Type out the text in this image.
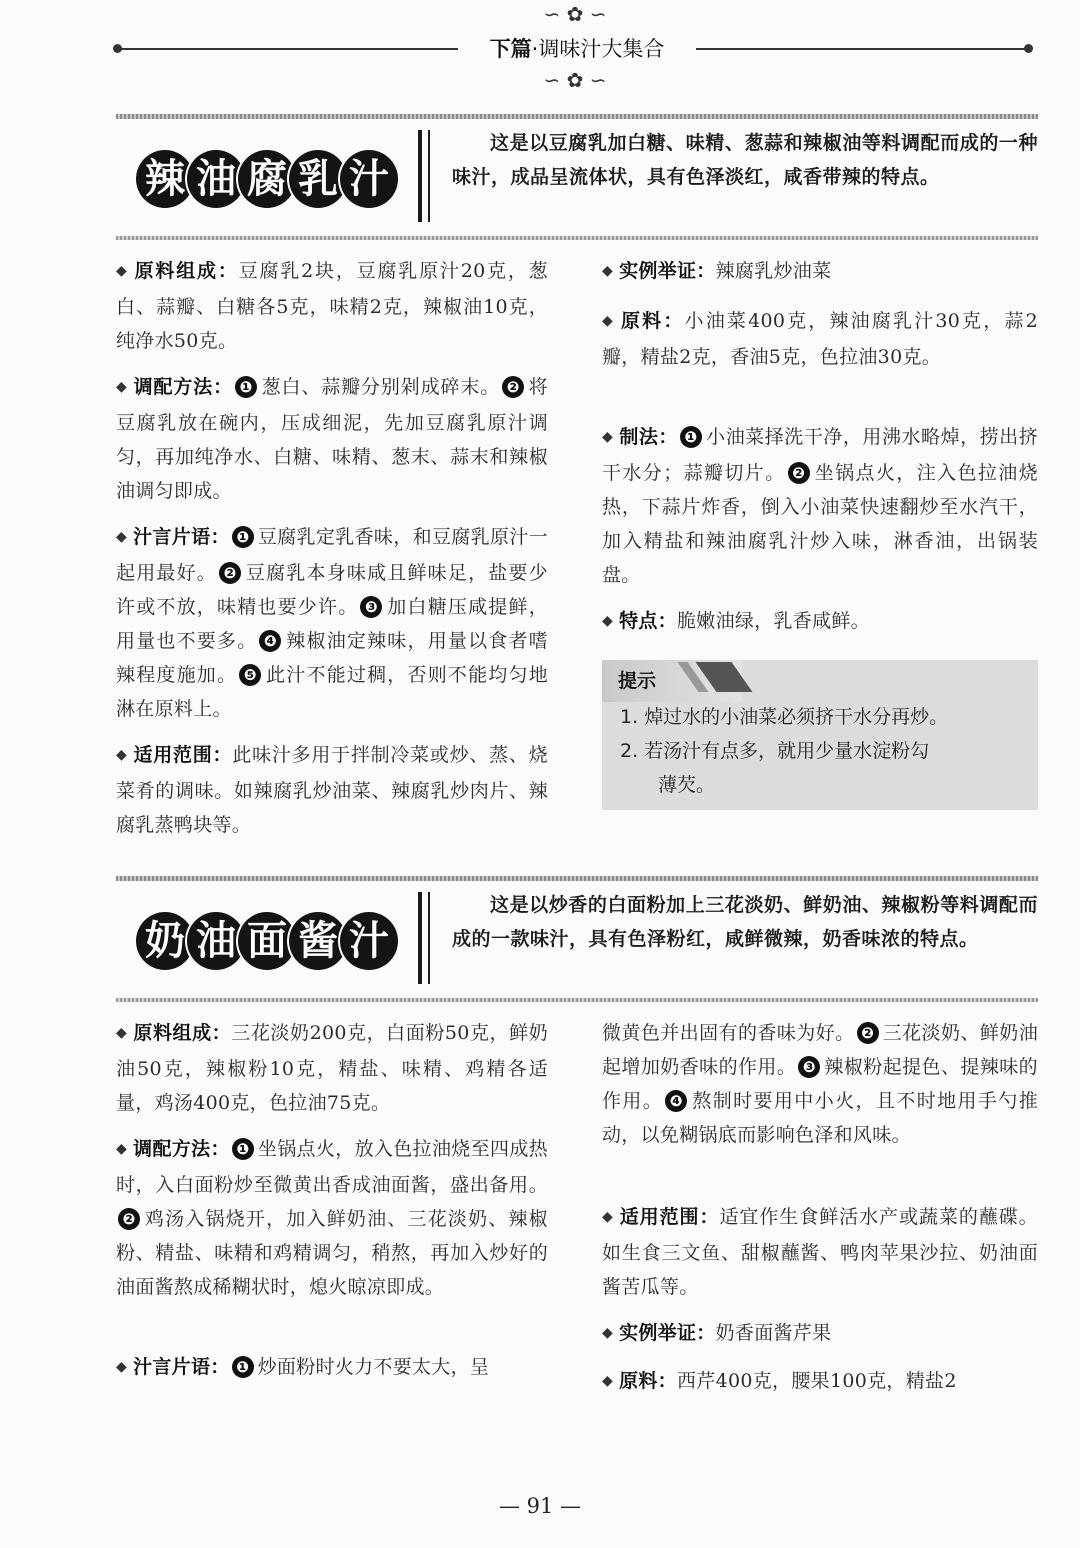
∽ ✿ ∽
下篇·调味汁大集合
∽ ✿ ∽
辣 油 腐 乳 汁
这是以豆腐乳加白糖、味精、葱蒜和辣椒油等料调配而成的一种味汁，成品呈流体状，具有色泽淡红，咸香带辣的特点。
◆ 原料组成：豆腐乳2块，豆腐乳原汁20克，葱白、蒜瓣、白糖各5克，味精2克，辣椒油10克，纯净水50克。
◆ 调配方法： ❶ 葱白、蒜瓣分别剁成碎末。 ❷ 将豆腐乳放在碗内，压成细泥，先加豆腐乳原汁调匀，再加纯净水、白糖、味精、葱末、蒜末和辣椒油调匀即成。
◆ 汁言片语： ❶ 豆腐乳定乳香味，和豆腐乳原汁一起用最好。 ❷ 豆腐乳本身味咸且鲜味足，盐要少许或不放，味精也要少许。 ❸ 加白糖压咸提鲜，用量也不要多。 ❹ 辣椒油定辣味，用量以食者嗜辣程度施加。 ❺ 此汁不能过稠，否则不能均匀地淋在原料上。
◆ 适用范围：此味汁多用于拌制冷菜或炒、蒸、烧菜肴的调味。如辣腐乳炒油菜、辣腐乳炒肉片、辣腐乳蒸鸭块等。
◆ 实例举证：辣腐乳炒油菜
◆ 原料：小油菜400克，辣油腐乳汁30克，蒜2瓣，精盐2克，香油5克，色拉油30克。
◆ 制法： ❶ 小油菜择洗干净，用沸水略焯，捞出挤干水分；蒜瓣切片。 ❷ 坐锅点火，注入色拉油烧热，下蒜片炸香，倒入小油菜快速翻炒至水汽干，加入精盐和辣油腐乳汁炒入味，淋香油，出锅装盘。
◆ 特点：脆嫩油绿，乳香咸鲜。
提示
1. 焯过水的小油菜必须挤干水分再炒。
2. 若汤汁有点多，就用少量水淀粉勾
薄芡。
奶 油 面 酱 汁
这是以炒香的白面粉加上三花淡奶、鲜奶油、辣椒粉等料调配而成的一款味汁，具有色泽粉红，咸鲜微辣，奶香味浓的特点。
◆ 原料组成：三花淡奶200克，白面粉50克，鲜奶油50克，辣椒粉10克，精盐、味精、鸡精各适量，鸡汤400克，色拉油75克。
◆ 调配方法： ❶ 坐锅点火，放入色拉油烧至四成热时，入白面粉炒至微黄出香成油面酱，盛出备用。❷ 鸡汤入锅烧开，加入鲜奶油、三花淡奶、辣椒粉、精盐、味精和鸡精调匀，稍熬，再加入炒好的油面酱熬成稀糊状时，熄火晾凉即成。
◆ 汁言片语： ❶ 炒面粉时火力不要太大，呈
微黄色并出固有的香味为好。 ❷ 三花淡奶、鲜奶油起增加奶香味的作用。 ❸ 辣椒粉起提色、提辣味的作用。 ❹ 熬制时要用中小火，且不时地用手勺推动，以免糊锅底而影响色泽和风味。
◆ 适用范围：适宜作生食鲜活水产或蔬菜的蘸碟。如生食三文鱼、甜椒蘸酱、鸭肉苹果沙拉、奶油面酱苦瓜等。
◆ 实例举证：奶香面酱芹果
◆ 原料：西芹400克，腰果100克，精盐2
— 91 —
